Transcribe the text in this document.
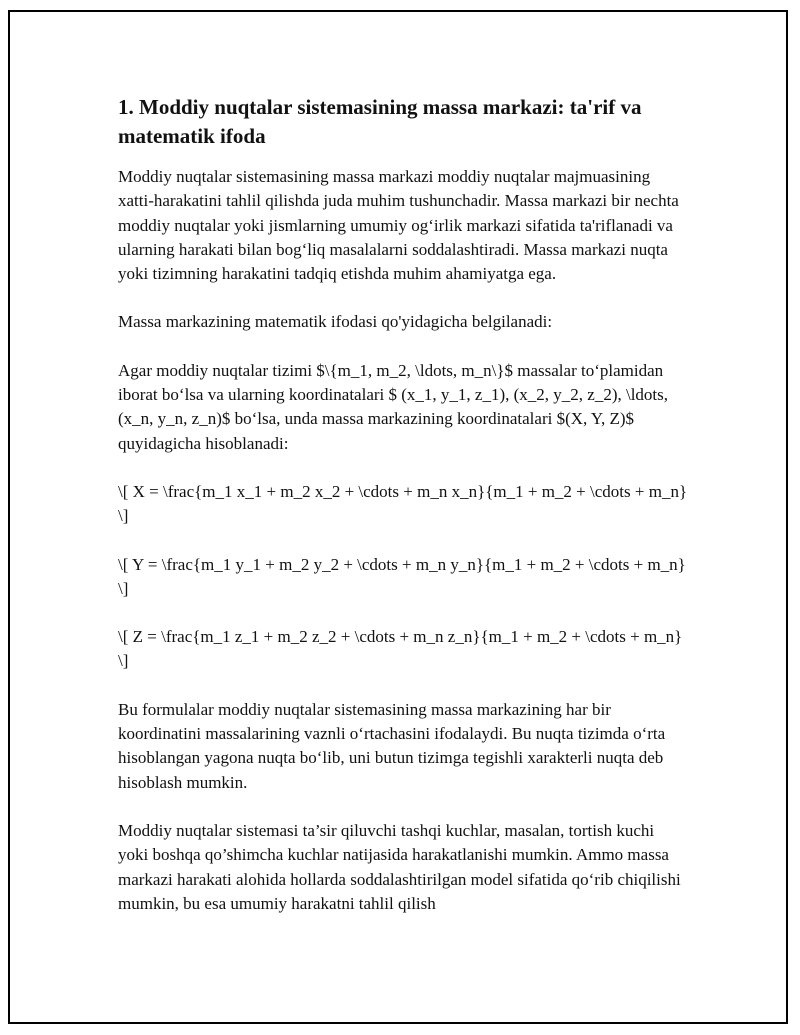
1. Moddiy nuqtalar sistemasining massa markazi: ta'rif va matematik ifoda

Moddiy nuqtalar sistemasining massa markazi moddiy nuqtalar majmuasining xatti-harakatini tahlil qilishda juda muhim tushunchadir. Massa markazi bir nechta moddiy nuqtalar yoki jismlarning umumiy og‘irlik markazi sifatida ta'riflanadi va ularning harakati bilan bog‘liq masalalarni soddalashtiradi. Massa markazi nuqta yoki tizimning harakatini tadqiq etishda muhim ahamiyatga ega.

Massa markazining matematik ifodasi qo'yidagicha belgilanadi:

Agar moddiy nuqtalar tizimi $\{m_1, m_2, \ldots, m_n\}$ massalar to‘plamidan iborat bo‘lsa va ularning koordinatalari $ (x_1, y_1, z_1), (x_2, y_2, z_2), \ldots, (x_n, y_n, z_n)$ bo‘lsa, unda massa markazining koordinatalari $(X, Y, Z)$ quyidagicha hisoblanadi:

\[ X = \frac{m_1 x_1 + m_2 x_2 + \cdots + m_n x_n}{m_1 + m_2 + \cdots + m_n} \]

\[ Y = \frac{m_1 y_1 + m_2 y_2 + \cdots + m_n y_n}{m_1 + m_2 + \cdots + m_n} \]

\[ Z = \frac{m_1 z_1 + m_2 z_2 + \cdots + m_n z_n}{m_1 + m_2 + \cdots + m_n} \]

Bu formulalar moddiy nuqtalar sistemasining massa markazining har bir koordinatini massalarining vaznli o‘rtachasini ifodalaydi. Bu nuqta tizimda o‘rta hisoblangan yagona nuqta bo‘lib, uni butun tizimga tegishli xarakterli nuqta deb hisoblash mumkin.

Moddiy nuqtalar sistemasi ta’sir qiluvchi tashqi kuchlar, masalan, tortish kuchi yoki boshqa qo’shimcha kuchlar natijasida harakatlanishi mumkin. Ammo massa markazi harakati alohida hollarda soddalashtirilgan model sifatida qo‘rib chiqilishi mumkin, bu esa umumiy harakatni tahlil qilish
